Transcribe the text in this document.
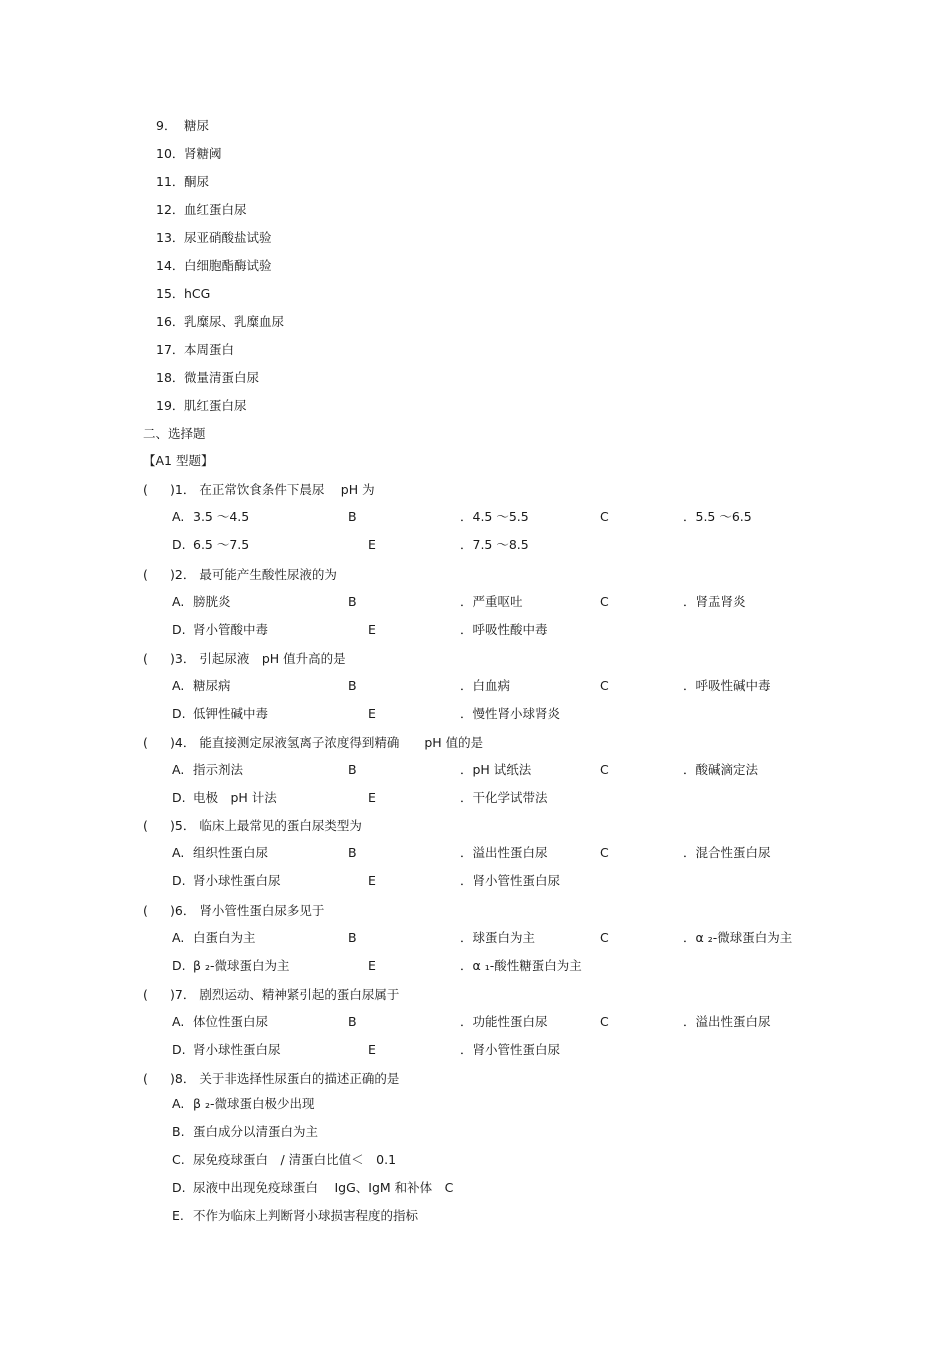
9． 糖尿
10．肾糖阈
11．酮尿
12．血红蛋白尿
13．尿亚硝酸盐试验
14．白细胞酯酶试验
15．hCG
16．乳糜尿、乳糜血尿
17．本周蛋白
18．微量清蛋白尿
19．肌红蛋白尿
二、选择题
【A1 型题】
( )1． 在正常饮食条件下晨尿　 pH 为
A. 3.5 ～4.5	B	．4.5 ～5.5	C	．5.5 ～6.5
D. 6.5 ～7.5	E	．7.5 ～8.5
( )2． 最可能产生酸性尿液的为
A. 膀胱炎	B	．严重呕吐	C	．肾盂肾炎
D. 肾小管酸中毒	E	．呼吸性酸中毒
( )3． 引起尿液　pH 值升高的是
A. 糖尿病	B	．白血病	C	．呼吸性碱中毒
D. 低钾性碱中毒	E	．慢性肾小球肾炎
( )4． 能直接测定尿液氢离子浓度得到精确　　pH 值的是
A. 指示剂法	B	．pH 试纸法	C	．酸碱滴定法
D. 电极　pH 计法	E	．干化学试带法
( )5． 临床上最常见的蛋白尿类型为
A. 组织性蛋白尿	B	．溢出性蛋白尿	C	．混合性蛋白尿
D. 肾小球性蛋白尿	E	．肾小管性蛋白尿
( )6． 肾小管性蛋白尿多见于
A. 白蛋白为主	B	．球蛋白为主	C	．α ₂-微球蛋白为主
D. β ₂-微球蛋白为主	E	．α ₁-酸性糖蛋白为主
( )7． 剧烈运动、精神紧引起的蛋白尿属于
A. 体位性蛋白尿	B	．功能性蛋白尿	C	．溢出性蛋白尿
D. 肾小球性蛋白尿	E	．肾小管性蛋白尿
( )8． 关于非选择性尿蛋白的描述正确的是
A. β ₂-微球蛋白极少出现
B. 蛋白成分以清蛋白为主
C. 尿免疫球蛋白　/ 清蛋白比值＜　0.1
D. 尿液中出现免疫球蛋白　 IgG、IgM 和补体　C
E. 不作为临床上判断肾小球损害程度的指标
